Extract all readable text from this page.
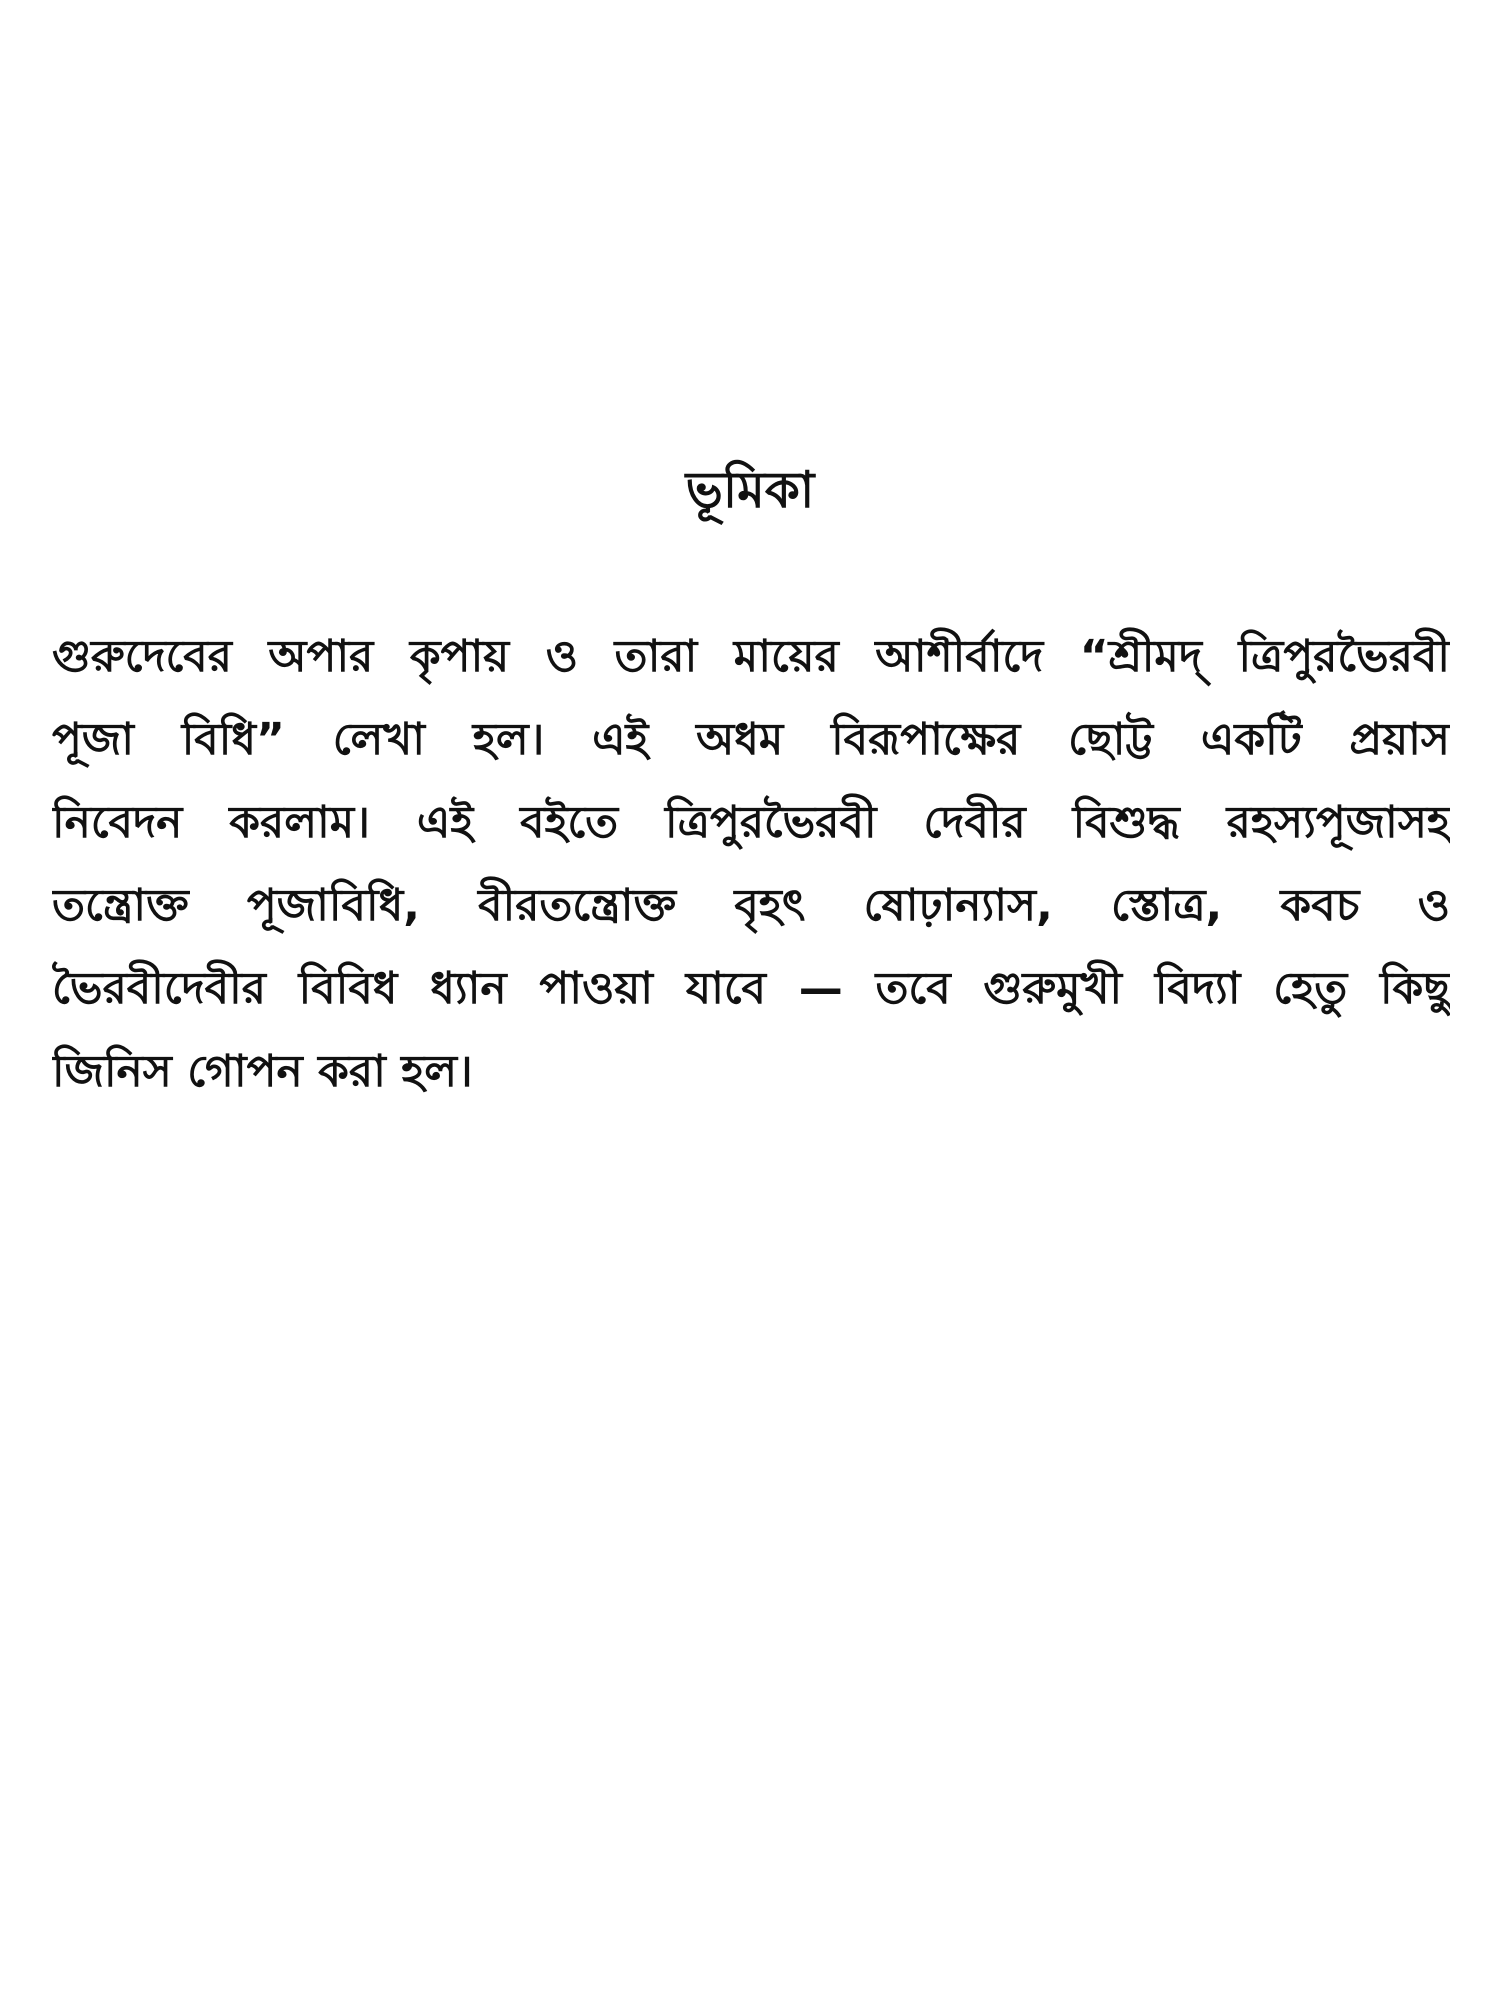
ভূমিকা
গুরুদেবের অপার কৃপায় ও তারা মায়ের আশীর্বাদে “শ্রীমদ্ ত্রিপুরভৈরবী
পূজা বিধি” লেখা হল। এই অধম বিরূপাক্ষের ছোট্ট একটি প্রয়াস
নিবেদন করলাম। এই বইতে ত্রিপুরভৈরবী দেবীর বিশুদ্ধ রহস্যপূজাসহ
তন্ত্রোক্ত পূজাবিধি, বীরতন্ত্রোক্ত বৃহৎ ষোঢ়ান্যাস, স্তোত্র, কবচ ও
ভৈরবীদেবীর বিবিধ ধ্যান পাওয়া যাবে — তবে গুরুমুখী বিদ্যা হেতু কিছু
জিনিস গোপন করা হল।
